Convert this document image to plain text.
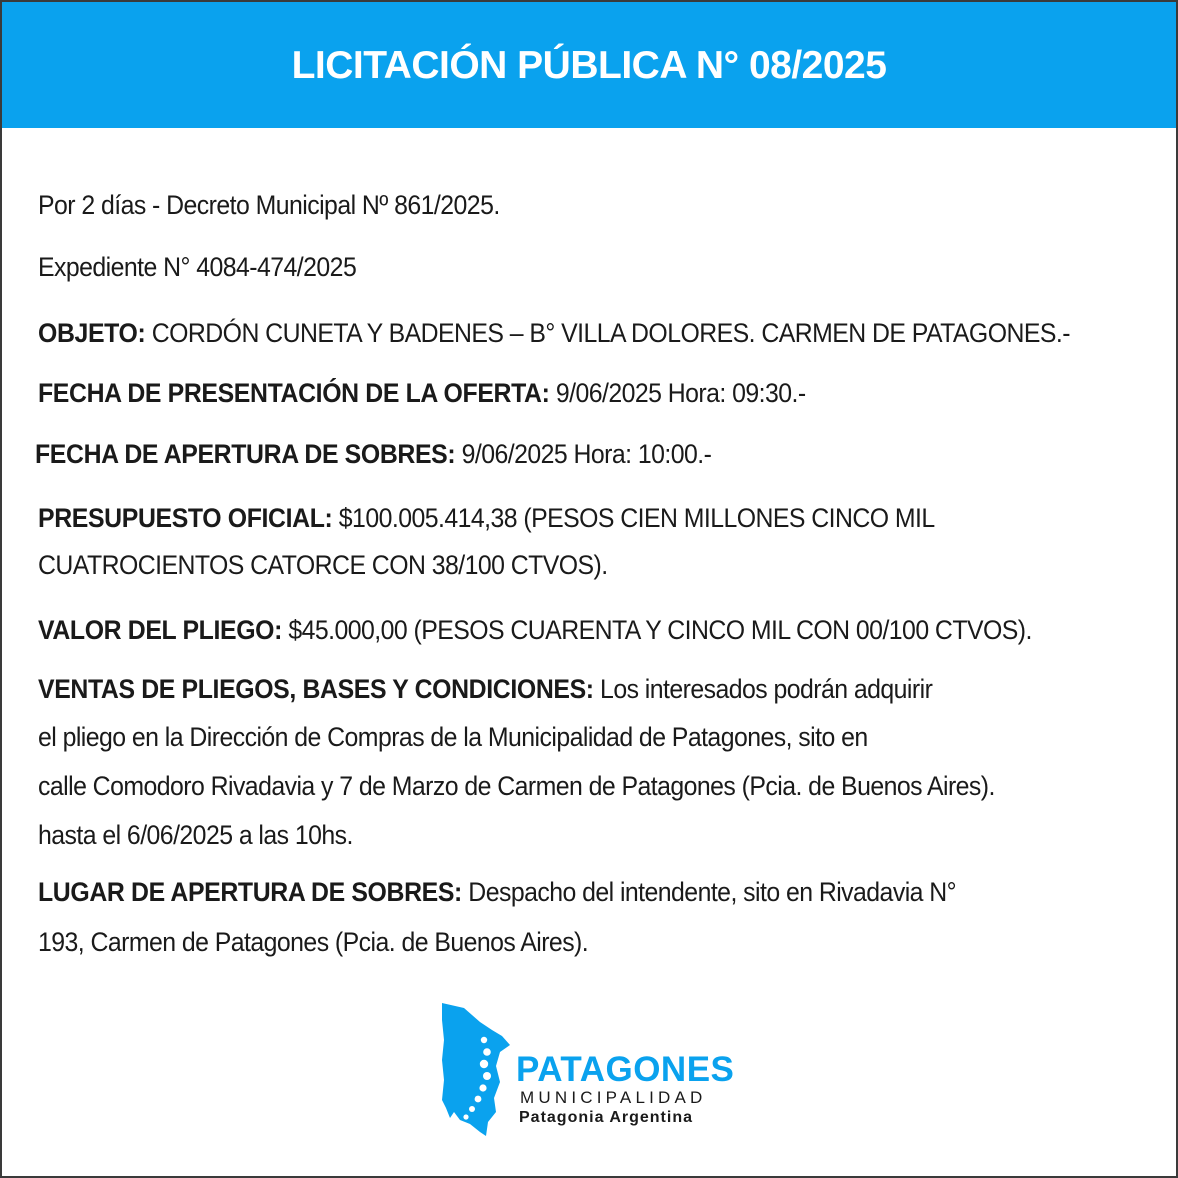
LICITACIÓN PÚBLICA N° 08/2025
Por 2 días - Decreto Municipal Nº 861/2025.
Expediente N° 4084-474/2025
OBJETO: CORDÓN CUNETA Y BADENES – B° VILLA DOLORES. CARMEN DE PATAGONES.-
FECHA DE PRESENTACIÓN DE LA OFERTA: 9/06/2025 Hora: 09:30.-
FECHA DE APERTURA DE SOBRES: 9/06/2025 Hora: 10:00.-
PRESUPUESTO OFICIAL: $100.005.414,38 (PESOS CIEN MILLONES CINCO MIL
CUATROCIENTOS CATORCE CON 38/100 CTVOS).
VALOR DEL PLIEGO: $45.000,00 (PESOS CUARENTA Y CINCO MIL CON 00/100 CTVOS).
VENTAS DE PLIEGOS, BASES Y CONDICIONES: Los interesados podrán adquirir
el pliego en la Dirección de Compras de la Municipalidad de Patagones, sito en
calle Comodoro Rivadavia y 7 de Marzo de Carmen de Patagones (Pcia. de Buenos Aires).
hasta el 6/06/2025 a las 10hs.
LUGAR DE APERTURA DE SOBRES: Despacho del intendente, sito en Rivadavia N°
193, Carmen de Patagones (Pcia. de Buenos Aires).
PATAGONES
MUNICIPALIDAD
Patagonia Argentina
